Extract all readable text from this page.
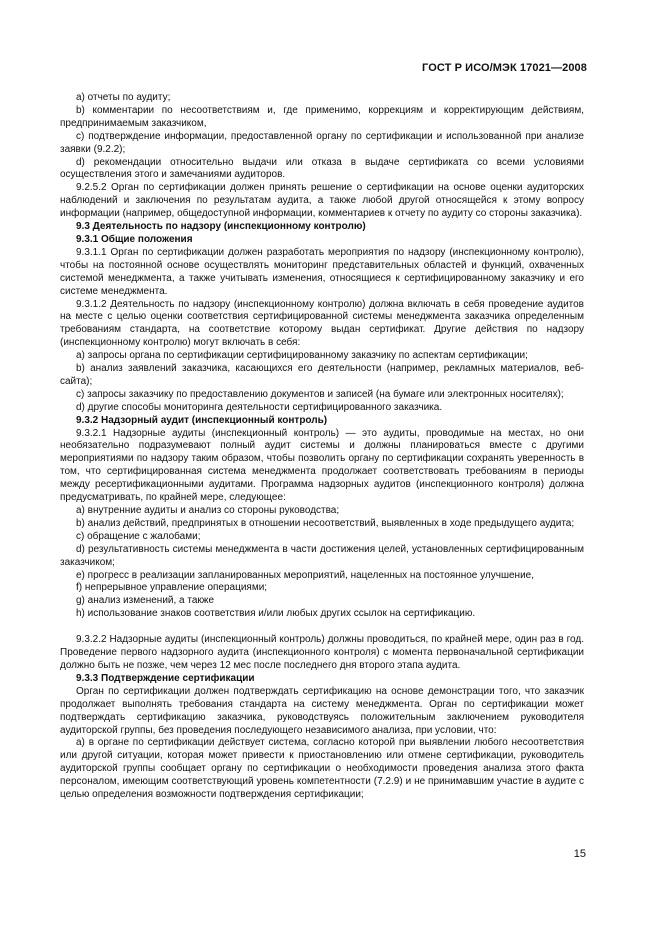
ГОСТ Р ИСО/МЭК 17021—2008

a) отчеты по аудиту;

b) комментарии по несоответствиям и, где применимо, коррекциям и корректирующим действиям, предпринимаемым заказчиком,

c) подтверждение информации, предоставленной органу по сертификации и использованной при анализе заявки (9.2.2);

d) рекомендации относительно выдачи или отказа в выдаче сертификата со всеми условиями осуществления этого и замечаниями аудиторов.

9.2.5.2 Орган по сертификации должен принять решение о сертификации на основе оценки аудиторских наблюдений и заключения по результатам аудита, а также любой другой относящейся к этому вопросу информации (например, общедоступной информации, комментариев к отчету по аудиту со стороны заказчика).

9.3 Деятельность по надзору (инспекционному контролю)

9.3.1 Общие положения

9.3.1.1 Орган по сертификации должен разработать мероприятия по надзору (инспекционному контролю), чтобы на постоянной основе осуществлять мониторинг представительных областей и функций, охваченных системой менеджмента, а также учитывать изменения, относящиеся к сертифицированному заказчику и его системе менеджмента.

9.3.1.2 Деятельность по надзору (инспекционному контролю) должна включать в себя проведение аудитов на месте с целью оценки соответствия сертифицированной системы менеджмента заказчика определенным требованиям стандарта, на соответствие которому выдан сертификат. Другие действия по надзору (инспекционному контролю) могут включать в себя:

a) запросы органа по сертификации сертифицированному заказчику по аспектам сертификации;

b) анализ заявлений заказчика, касающихся его деятельности (например, рекламных материалов, веб-сайта);

c) запросы заказчику по предоставлению документов и записей (на бумаге или электронных носителях);

d) другие способы мониторинга деятельности сертифицированного заказчика.

9.3.2 Надзорный аудит (инспекционный контроль)

9.3.2.1 Надзорные аудиты (инспекционный контроль) — это аудиты, проводимые на местах, но они необязательно подразумевают полный аудит системы и должны планироваться вместе с другими мероприятиями по надзору таким образом, чтобы позволить органу по сертификации сохранять уверенность в том, что сертифицированная система менеджмента продолжает соответствовать требованиям в периоды между ресертификационными аудитами. Программа надзорных аудитов (инспекционного контроля) должна предусматривать, по крайней мере, следующее:

a) внутренние аудиты и анализ со стороны руководства;

b) анализ действий, предпринятых в отношении несоответствий, выявленных в ходе предыдущего аудита;

c) обращение с жалобами;

d) результативность системы менеджмента в части достижения целей, установленных сертифицированным заказчиком;

e) прогресс в реализации запланированных мероприятий, нацеленных на постоянное улучшение,

f) непрерывное управление операциями;

g) анализ изменений, а также

h) использование знаков соответствия и/или любых других ссылок на сертификацию.

9.3.2.2 Надзорные аудиты (инспекционный контроль) должны проводиться, по крайней мере, один раз в год. Проведение первого надзорного аудита (инспекционного контроля) с момента первоначальной сертификации должно быть не позже, чем через 12 мес после последнего дня второго этапа аудита.

9.3.3 Подтверждение сертификации

Орган по сертификации должен подтверждать сертификацию на основе демонстрации того, что заказчик продолжает выполнять требования стандарта на систему менеджмента. Орган по сертификации может подтверждать сертификацию заказчика, руководствуясь положительным заключением руководителя аудиторской группы, без проведения последующего независимого анализа, при условии, что:

a) в органе по сертификации действует система, согласно которой при выявлении любого несоответствия или другой ситуации, которая может привести к приостановлению или отмене сертификации, руководитель аудиторской группы сообщает органу по сертификации о необходимости проведения анализа этого факта персоналом, имеющим соответствующий уровень компетентности (7.2.9) и не принимавшим участие в аудите с целью определения возможности подтверждения сертификации;

15
